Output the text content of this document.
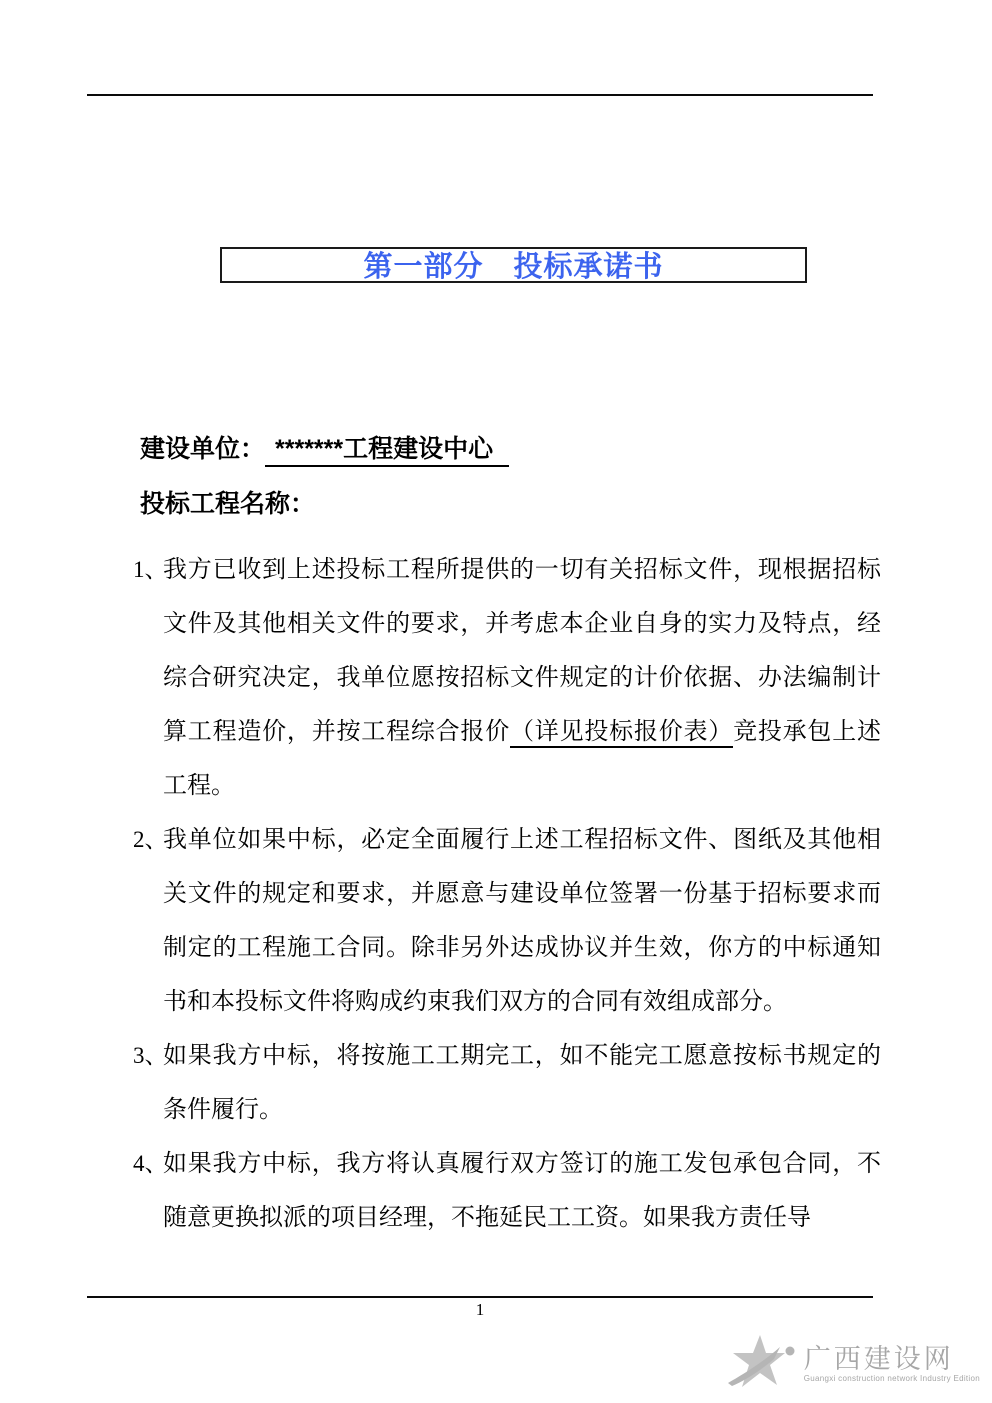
第一部分　投标承诺书
建设单位： *******工程建设中心
投标工程名称：
1、
我方已收到上述投标工程所提供的一切有关招标文件，现根据招标文件及其他相关文件的要求，并考虑本企业自身的实力及特点，经综合研究决定，我单位愿按招标文件规定的计价依据、办法编制计算工程造价，并按工程综合报价（详见投标报价表）竞投承包上述工程。
2、
我单位如果中标，必定全面履行上述工程招标文件、图纸及其他相关文件的规定和要求，并愿意与建设单位签署一份基于招标要求而制定的工程施工合同。除非另外达成协议并生效，你方的中标通知书和本投标文件将购成约束我们双方的合同有效组成部分。
3、
如果我方中标，将按施工工期完工，如不能完工愿意按标书规定的条件履行。
4、
如果我方中标，我方将认真履行双方签订的施工发包承包合同，不随意更换拟派的项目经理，不拖延民工工资。如果我方责任导
1
广西建设网
Guangxi construction network Industry Edition
